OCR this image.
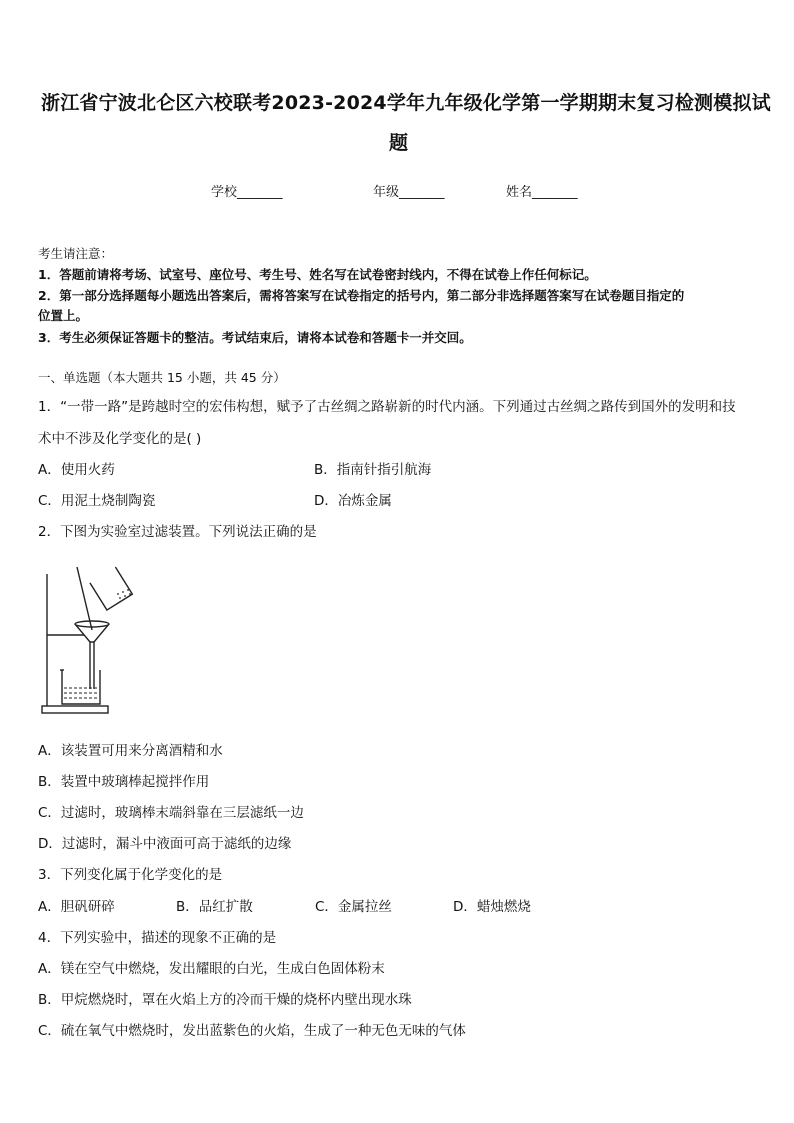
浙江省宁波北仑区六校联考2023-2024学年九年级化学第一学期期末复习检测模拟试
题
学校_______	年级_______	姓名_______
考生请注意：
1．答题前请将考场、试室号、座位号、考生号、姓名写在试卷密封线内，不得在试卷上作任何标记。
2．第一部分选择题每小题选出答案后，需将答案写在试卷指定的括号内，第二部分非选择题答案写在试卷题目指定的
位置上。
3．考生必须保证答题卡的整洁。考试结束后，请将本试卷和答题卡一并交回。
一、单选题（本大题共 15 小题，共 45 分）
1．“一带一路”是跨越时空的宏伟构想，赋予了古丝绸之路崭新的时代内涵。下列通过古丝绸之路传到国外的发明和技
术中不涉及化学变化的是( )
A．使用火药	B．指南针指引航海
C．用泥土烧制陶瓷	D．冶炼金属
2．下图为实验室过滤装置。下列说法正确的是
A．该装置可用来分离酒精和水
B．装置中玻璃棒起搅拌作用
C．过滤时，玻璃棒末端斜靠在三层滤纸一边
D．过滤时，漏斗中液面可高于滤纸的边缘
3．下列变化属于化学变化的是
A．胆矾研碎	B．品红扩散	C．金属拉丝	D．蜡烛燃烧
4．下列实验中，描述的现象不正确的是
A．镁在空气中燃烧，发出耀眼的白光，生成白色固体粉末
B．甲烷燃烧时，罩在火焰上方的冷而干燥的烧杯内壁出现水珠
C．硫在氧气中燃烧时，发出蓝紫色的火焰，生成了一种无色无味的气体
